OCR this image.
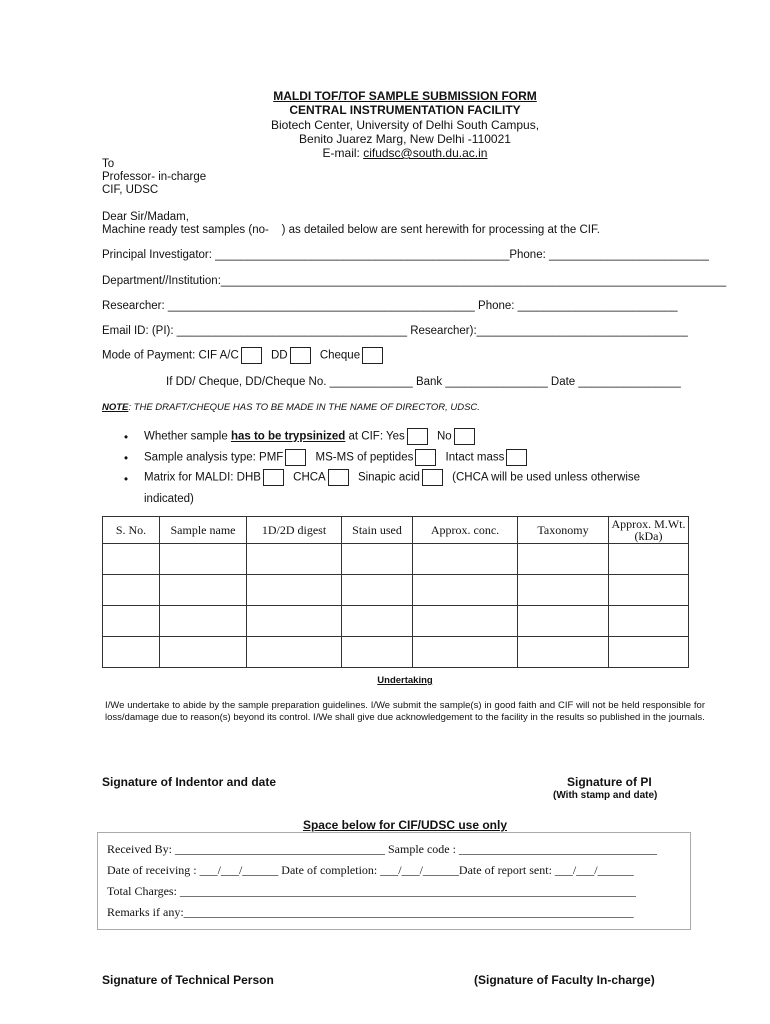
MALDI TOF/TOF SAMPLE SUBMISSION FORM
CENTRAL INSTRUMENTATION FACILITY
Biotech Center, University of Delhi South Campus,
Benito Juarez Marg, New Delhi -110021
E-mail: cifudsc@south.du.ac.in
To
Professor- in-charge
CIF, UDSC
Dear Sir/Madam,
Machine ready test samples (no-    ) as detailed below are sent herewith for processing at the CIF.
Principal Investigator: ______________________________________________Phone: _________________________
Department//Institution:_______________________________________________________________________________
Researcher: ________________________________________________ Phone: _________________________
Email ID: (PI): ____________________________________ Researcher):_________________________________
Mode of Payment: CIF A/C	DD	Cheque
If DD/ Cheque, DD/Cheque No. _____________ Bank ________________ Date ________________
NOTE: THE DRAFT/CHEQUE HAS TO BE MADE IN THE NAME OF DIRECTOR, UDSC.
• Whether sample has to be trypsinized at CIF: Yes	No
• Sample analysis type: PMF	MS-MS of peptides	Intact mass
• Matrix for MALDI: DHB	CHCA	Sinapic acid	(CHCA will be used unless otherwise
indicated)
S. No.	Sample name	1D/2D digest	Stain used	Approx. conc.	Taxonomy	Approx. M.Wt.(kDa)

Undertaking
I/We undertake to abide by the sample preparation guidelines. I/We submit the sample(s) in good faith and CIF will not be held responsible for loss/damage due to reason(s) beyond its control. I/We shall give due acknowledgement to the facility in the results so published in the journals.
Signature of Indentor and date	Signature of PI
(With stamp and date)
Space below for CIF/UDSC use only
Received By: ___________________________________ Sample code : _________________________________
Date of receiving : ___/___/______ Date of completion: ___/___/______Date of report sent: ___/___/______
Total Charges: ____________________________________________________________________________
Remarks if any:___________________________________________________________________________
Signature of Technical Person	(Signature of Faculty In-charge)
